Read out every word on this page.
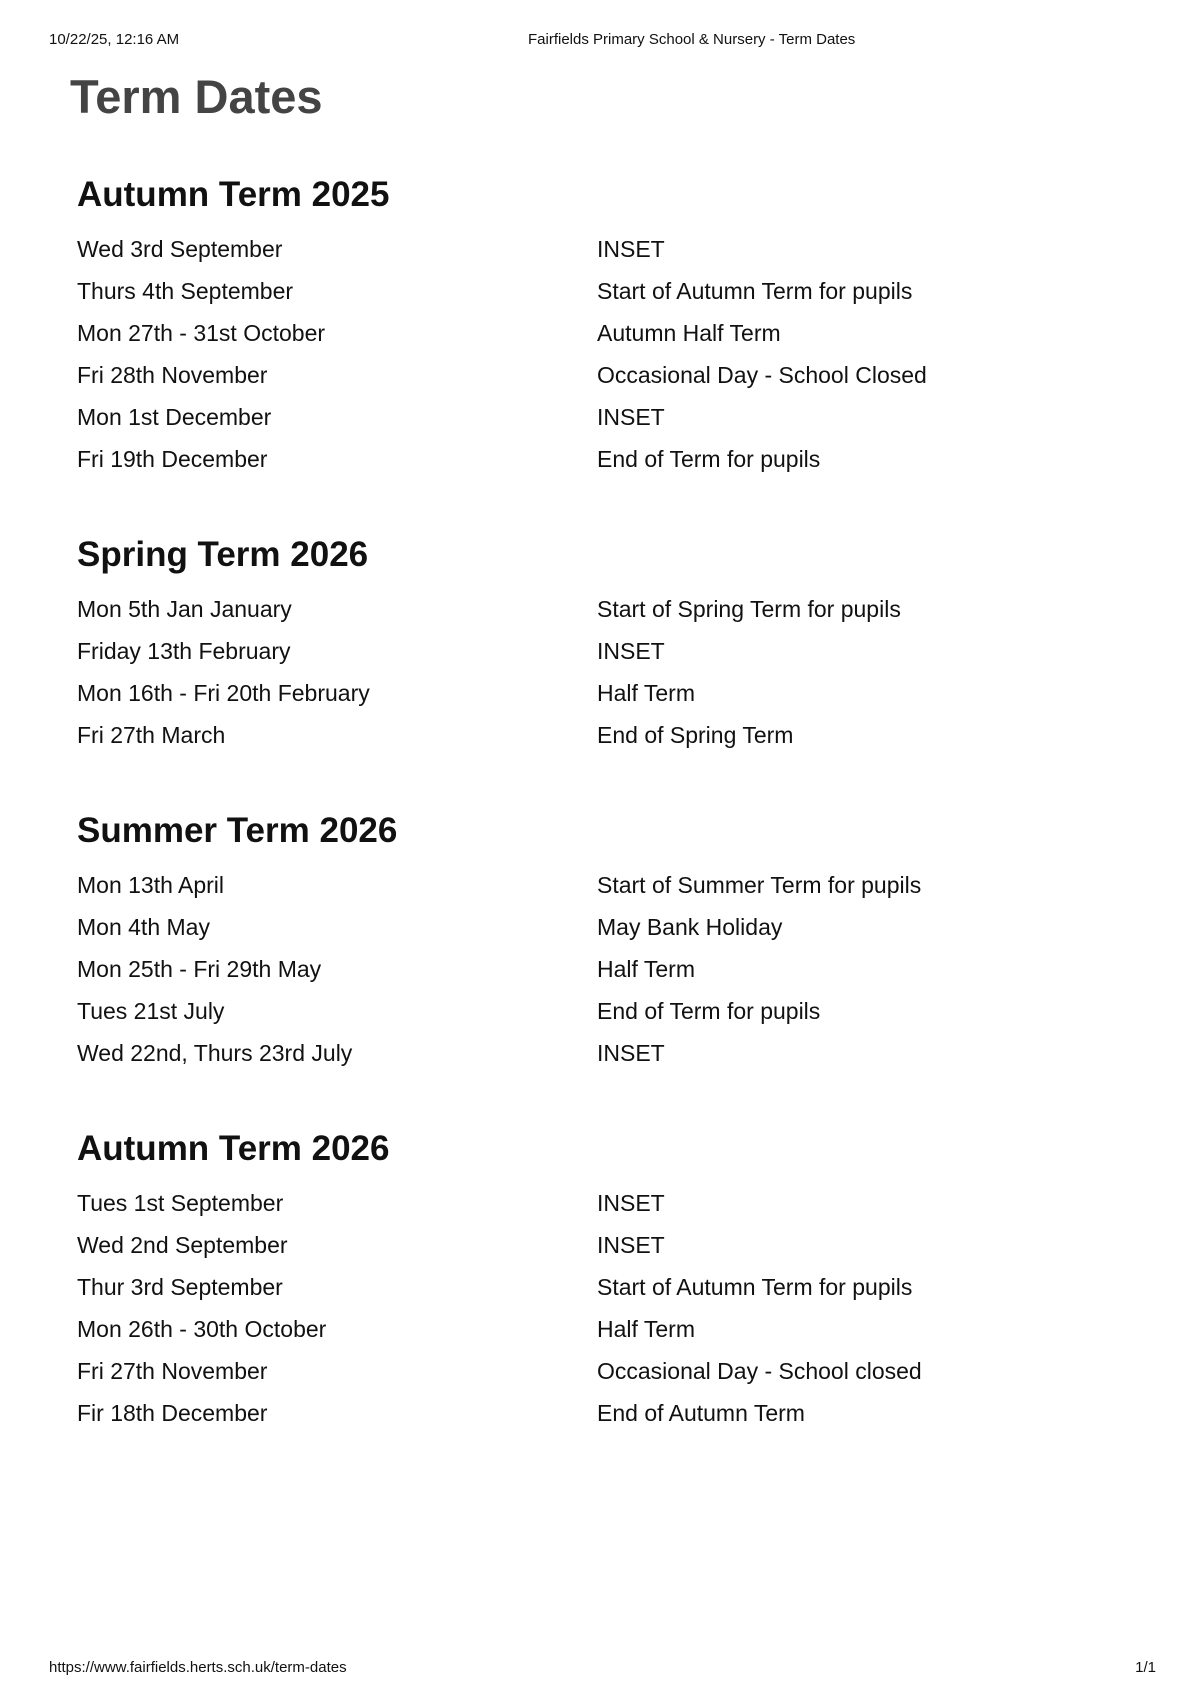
10/22/25, 12:16 AM	Fairfields Primary School & Nursery - Term Dates
Term Dates
Autumn Term 2025
Wed 3rd September	INSET
Thurs 4th September	Start of Autumn Term for pupils
Mon 27th - 31st October	Autumn Half Term
Fri 28th November	Occasional Day - School Closed
Mon 1st December	INSET
Fri 19th December	End of Term for pupils
Spring Term 2026
Mon 5th Jan January	Start of Spring Term for pupils
Friday 13th February	INSET
Mon 16th - Fri 20th February	Half Term
Fri 27th March	End of Spring Term
Summer Term 2026
Mon 13th April	Start of Summer Term for pupils
Mon 4th May	May Bank Holiday
Mon 25th - Fri 29th May	Half Term
Tues 21st July	End of Term for pupils
Wed 22nd, Thurs 23rd July	INSET
Autumn Term 2026
Tues 1st September	INSET
Wed 2nd September	INSET
Thur 3rd September	Start of Autumn Term for pupils
Mon 26th - 30th October	Half Term
Fri 27th November	Occasional Day - School closed
Fir 18th December	End of Autumn Term
https://www.fairfields.herts.sch.uk/term-dates	1/1
